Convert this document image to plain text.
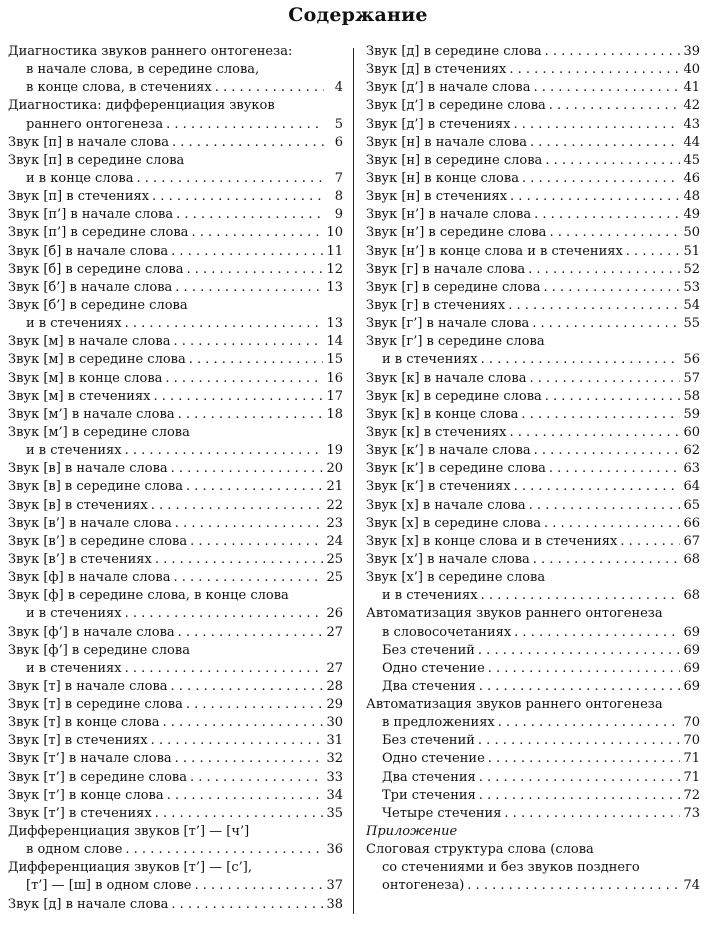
Содержание
Диагностика звуков раннего онтогенеза:
в начале слова, в середине слова,
в конце слова, в стечениях . . .	4
Диагностика: дифференциация звуков
раннего онтогенеза . . .	5
Звук [п] в начале слова . . .	6
Звук [п] в середине слова
и в конце слова . . .	7
Звук [п] в стечениях . . .	8
Звук [п’] в начале слова . . .	9
Звук [п’] в середине слова . . .	10
Звук [б] в начале слова . . .	11
Звук [б] в середине слова . . .	12
Звук [б’] в начале слова . . .	13
Звук [б’] в середине слова
и в стечениях . . .	13
Звук [м] в начале слова . . .	14
Звук [м] в середине слова . . .	15
Звук [м] в конце слова . . .	16
Звук [м] в стечениях . . .	17
Звук [м’] в начале слова . . .	18
Звук [м’] в середине слова
и в стечениях . . .	19
Звук [в] в начале слова . . .	20
Звук [в] в середине слова . . .	21
Звук [в] в стечениях . . .	22
Звук [в’] в начале слова . . .	23
Звук [в’] в середине слова . . .	24
Звук [в’] в стечениях . . .	25
Звук [ф] в начале слова . . .	25
Звук [ф] в середине слова, в конце слова
и в стечениях . . .	26
Звук [ф’] в начале слова . . .	27
Звук [ф’] в середине слова
и в стечениях . . .	27
Звук [т] в начале слова . . .	28
Звук [т] в середине слова . . .	29
Звук [т] в конце слова . . .	30
Звук [т] в стечениях . . .	31
Звук [т’] в начале слова . . .	32
Звук [т’] в середине слова . . .	33
Звук [т’] в конце слова . . .	34
Звук [т’] в стечениях . . .	35
Дифференциация звуков [т’] — [ч’]
в одном слове . . .	36
Дифференциация звуков [т’] — [с’],
[т’] — [ш] в одном слове . . .	37
Звук [д] в начале слова . . .	38
Звук [д] в середине слова . . .	39
Звук [д] в стечениях . . .	40
Звук [д’] в начале слова . . .	41
Звук [д’] в середине слова . . .	42
Звук [д’] в стечениях . . .	43
Звук [н] в начале слова . . .	44
Звук [н] в середине слова . . .	45
Звук [н] в конце слова . . .	46
Звук [н] в стечениях . . .	48
Звук [н’] в начале слова . . .	49
Звук [н’] в середине слова . . .	50
Звук [н’] в конце слова и в стечениях . . .	51
Звук [г] в начале слова . . .	52
Звук [г] в середине слова . . .	53
Звук [г] в стечениях . . .	54
Звук [г’] в начале слова . . .	55
Звук [г’] в середине слова
и в стечениях . . .	56
Звук [к] в начале слова . . .	57
Звук [к] в середине слова . . .	58
Звук [к] в конце слова . . .	59
Звук [к] в стечениях . . .	60
Звук [к’] в начале слова . . .	62
Звук [к’] в середине слова . . .	63
Звук [к’] в стечениях . . .	64
Звук [х] в начале слова . . .	65
Звук [х] в середине слова . . .	66
Звук [х] в конце слова и в стечениях . . .	67
Звук [х’] в начале слова . . .	68
Звук [х’] в середине слова
и в стечениях . . .	68
Автоматизация звуков раннего онтогенеза
в словосочетаниях . . .	69
Без стечений . . .	69
Одно стечение . . .	69
Два стечения . . .	69
Автоматизация звуков раннего онтогенеза
в предложениях . . .	70
Без стечений . . .	70
Одно стечение . . .	71
Два стечения . . .	71
Три стечения . . .	72
Четыре стечения . . .	73
Приложение
Слоговая структура слова (слова
со стечениями и без звуков позднего
онтогенеза) . . .	74
